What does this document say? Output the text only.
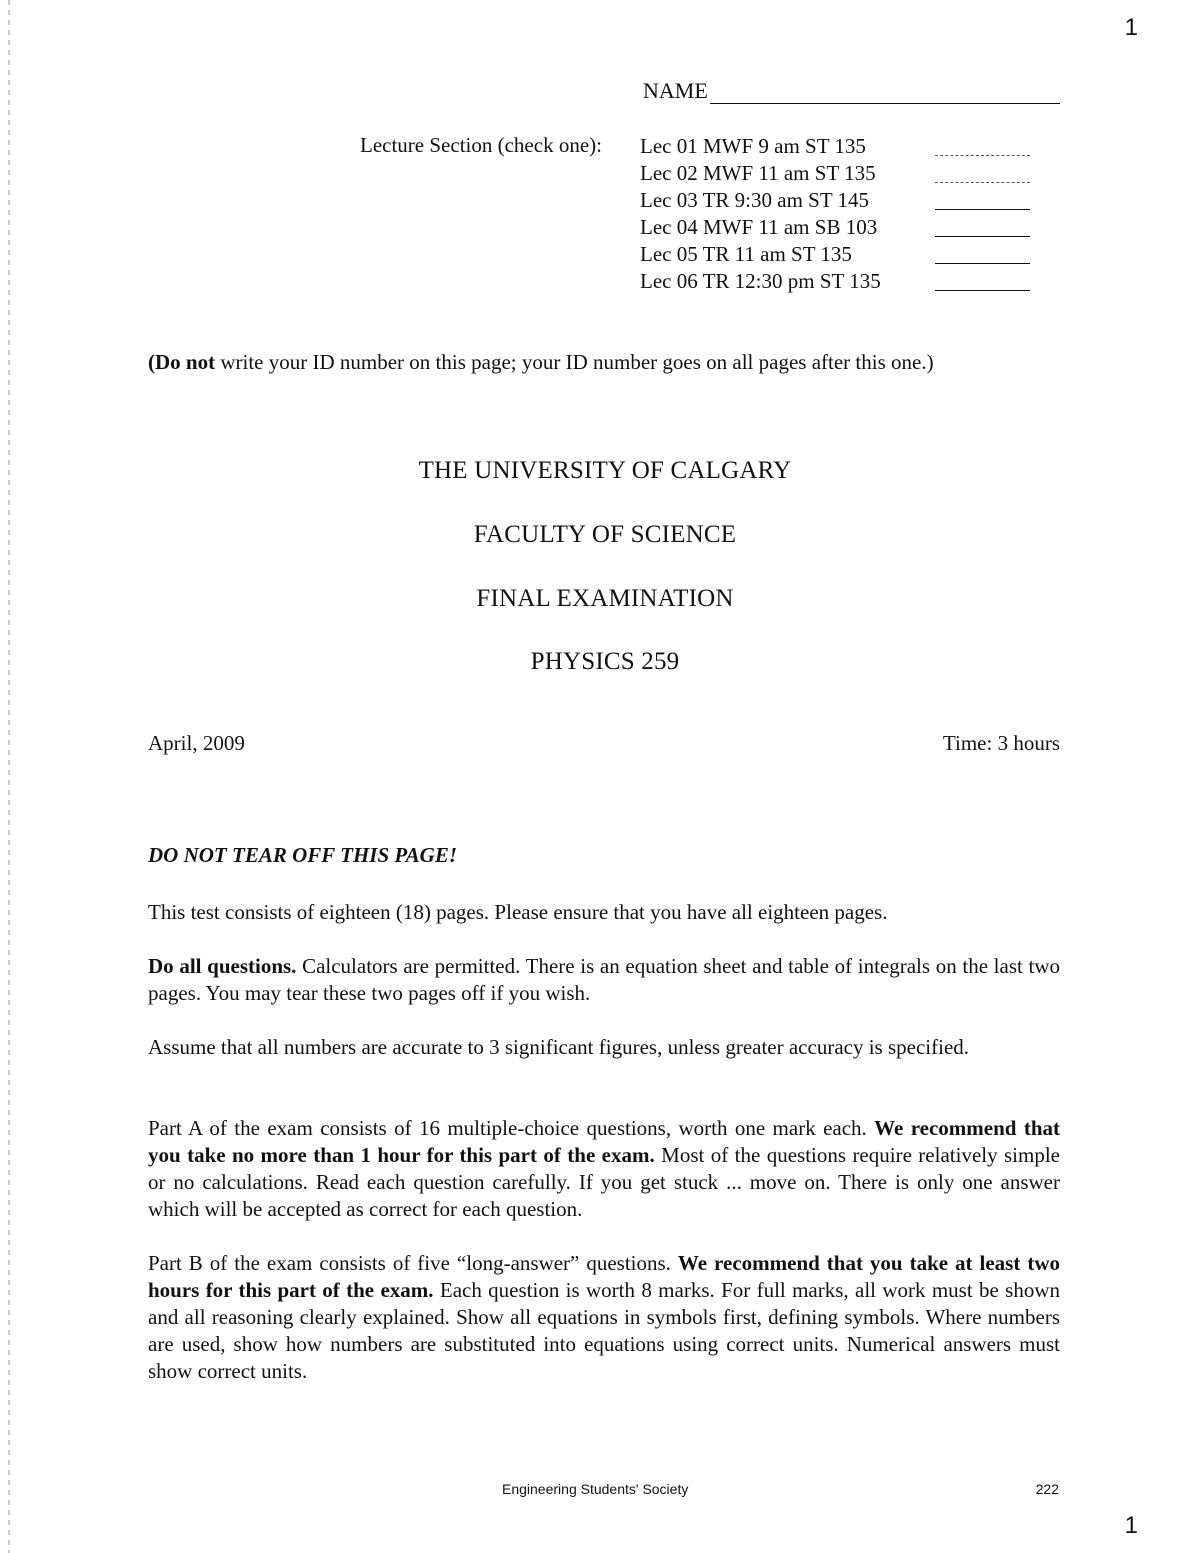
1
NAME
Lecture Section (check one): Lec 01 MWF 9 am ST 135
Lec 02 MWF 11 am ST 135
Lec 03 TR 9:30 am ST 145
Lec 04 MWF 11 am SB 103
Lec 05 TR 11 am ST 135
Lec 06 TR 12:30 pm ST 135
(Do not write your ID number on this page; your ID number goes on all pages after this one.)
THE UNIVERSITY OF CALGARY
FACULTY OF SCIENCE
FINAL EXAMINATION
PHYSICS 259
April, 2009	Time: 3 hours
DO NOT TEAR OFF THIS PAGE!
This test consists of eighteen (18) pages. Please ensure that you have all eighteen pages.
Do all questions. Calculators are permitted. There is an equation sheet and table of integrals on the last two pages. You may tear these two pages off if you wish.
Assume that all numbers are accurate to 3 significant figures, unless greater accuracy is specified.
Part A of the exam consists of 16 multiple-choice questions, worth one mark each. We recommend that you take no more than 1 hour for this part of the exam. Most of the questions require relatively simple or no calculations. Read each question carefully. If you get stuck ... move on. There is only one answer which will be accepted as correct for each question.
Part B of the exam consists of five “long-answer” questions. We recommend that you take at least two hours for this part of the exam. Each question is worth 8 marks. For full marks, all work must be shown and all reasoning clearly explained. Show all equations in symbols first, defining symbols. Where numbers are used, show how numbers are substituted into equations using correct units. Numerical answers must show correct units.
Engineering Students' Society	222
1
